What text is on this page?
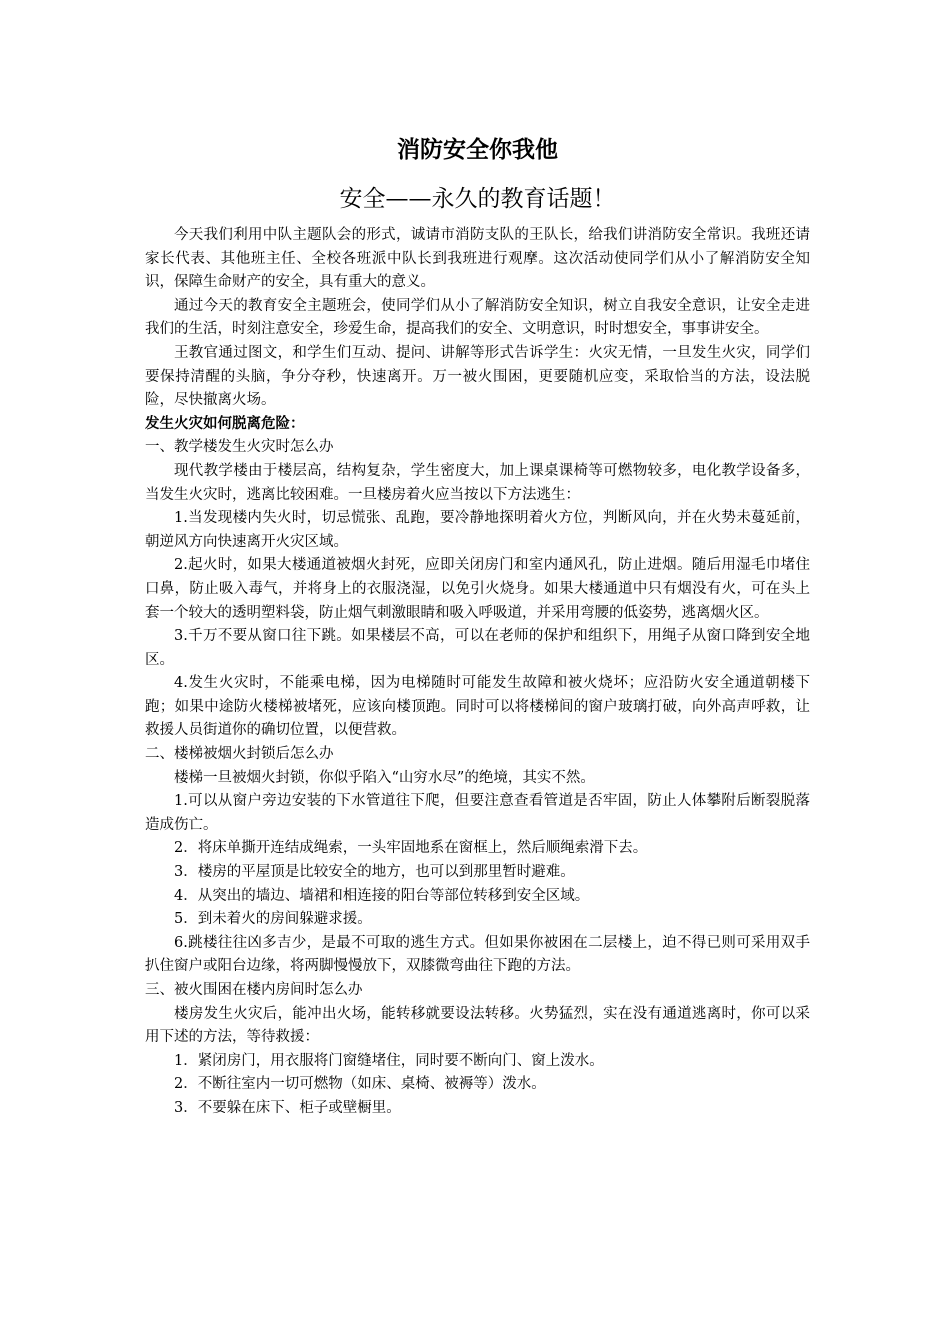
消防安全你我他
安全——永久的教育话题！

今天我们利用中队主题队会的形式，诚请市消防支队的王队长，给我们讲消防安全常识。我班还请家长代表、其他班主任、全校各班派中队长到我班进行观摩。这次活动使同学们从小了解消防安全知识，保障生命财产的安全，具有重大的意义。

通过今天的教育安全主题班会，使同学们从小了解消防安全知识，树立自我安全意识，让安全走进我们的生活，时刻注意安全，珍爱生命，提高我们的安全、文明意识，时时想安全，事事讲安全。

王教官通过图文，和学生们互动、提问、讲解等形式告诉学生：火灾无情，一旦发生火灾，同学们要保持清醒的头脑，争分夺秒，快速离开。万一被火围困，更要随机应变，采取恰当的方法，设法脱险，尽快撤离火场。

发生火灾如何脱离危险：

一、教学楼发生火灾时怎么办

现代教学楼由于楼层高，结构复杂，学生密度大，加上课桌课椅等可燃物较多，电化教学设备多，当发生火灾时，逃离比较困难。一旦楼房着火应当按以下方法逃生：

1.当发现楼内失火时，切忌慌张、乱跑，要冷静地探明着火方位，判断风向，并在火势未蔓延前，朝逆风方向快速离开火灾区域。

2.起火时，如果大楼通道被烟火封死，应即关闭房门和室内通风孔，防止进烟。随后用湿毛巾堵住口鼻，防止吸入毒气，并将身上的衣服浇湿，以免引火烧身。如果大楼通道中只有烟没有火，可在头上套一个较大的透明塑料袋，防止烟气刺激眼睛和吸入呼吸道，并采用弯腰的低姿势，逃离烟火区。

3.千万不要从窗口往下跳。如果楼层不高，可以在老师的保护和组织下，用绳子从窗口降到安全地区。

4.发生火灾时，不能乘电梯，因为电梯随时可能发生故障和被火烧坏；应沿防火安全通道朝楼下跑；如果中途防火楼梯被堵死，应该向楼顶跑。同时可以将楼梯间的窗户玻璃打破，向外高声呼救，让救援人员街道你的确切位置，以便营救。

二、楼梯被烟火封锁后怎么办

楼梯一旦被烟火封锁，你似乎陷入“山穷水尽”的绝境，其实不然。

1.可以从窗户旁边安装的下水管道往下爬，但要注意查看管道是否牢固，防止人体攀附后断裂脱落造成伤亡。

2．将床单撕开连结成绳索，一头牢固地系在窗框上，然后顺绳索滑下去。

3．楼房的平屋顶是比较安全的地方，也可以到那里暂时避难。

4．从突出的墙边、墙裙和相连接的阳台等部位转移到安全区域。

5．到未着火的房间躲避求援。

6.跳楼往往凶多吉少，是最不可取的逃生方式。但如果你被困在二层楼上，迫不得已则可采用双手扒住窗户或阳台边缘，将两脚慢慢放下，双膝微弯曲往下跑的方法。

三、被火围困在楼内房间时怎么办

楼房发生火灾后，能冲出火场，能转移就要设法转移。火势猛烈，实在没有通道逃离时，你可以采用下述的方法，等待救援：

1．紧闭房门，用衣服将门窗缝堵住，同时要不断向门、窗上泼水。

2．不断往室内一切可燃物（如床、桌椅、被褥等）泼水。

3．不要躲在床下、柜子或壁橱里。
